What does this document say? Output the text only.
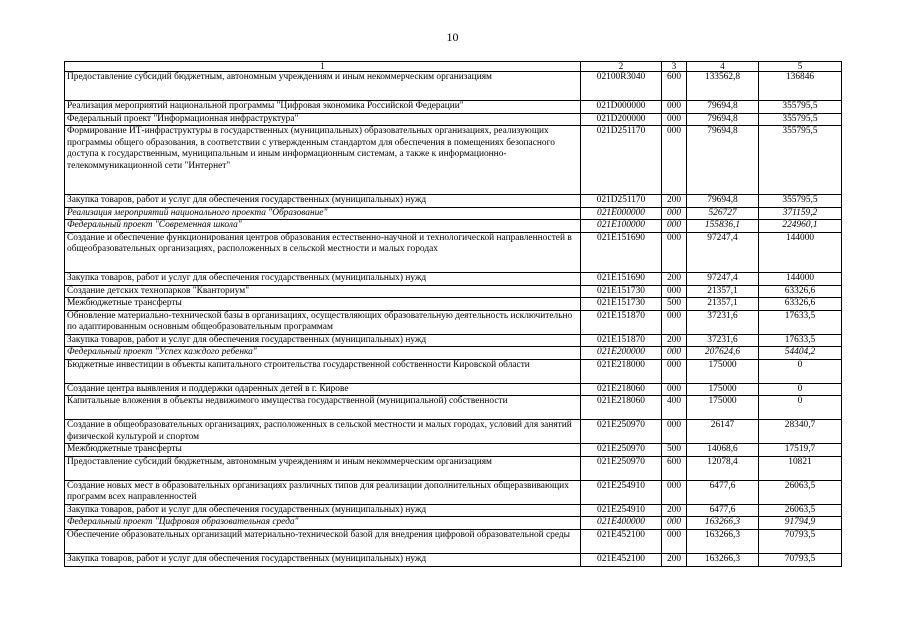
10
1	2	3	4	5
Предоставление субсидий бюджетным, автономным учреждениям и иным некоммерческим организациям	02100R3040	600	133562,8	136846
Реализация мероприятий национальной программы "Цифровая экономика Российской Федерации"	021D000000	000	79694,8	355795,5
Федеральный проект "Информационная инфраструктура"	021D200000	000	79694,8	355795,5
Формирование ИТ-инфраструктуры в государственных (муниципальных) образовательных организациях, реализующих программы общего образования, в соответствии с утвержденным стандартом для обеспечения в помещениях безопасного доступа к государственным, муниципальным и иным информационным системам, а также к информационно-телекоммуникационной сети "Интернет"	021D251170	000	79694,8	355795,5
Закупка товаров, работ и услуг для обеспечения государственных (муниципальных) нужд	021D251170	200	79694,8	355795,5
Реализация мероприятий национального проекта "Образование"	021E000000	000	526727	371159,2
Федеральный проект "Современная школа"	021E100000	000	155836,1	224960,1
Создание и обеспечение функционирования центров образования естественно-научной и технологической направленностей в общеобразовательных организациях, расположенных в сельской местности и малых городах	021E151690	000	97247,4	144000
Закупка товаров, работ и услуг для обеспечения государственных (муниципальных) нужд	021E151690	200	97247,4	144000
Создание детских технопарков "Кванториум"	021E151730	000	21357,1	63326,6
Межбюджетные трансферты	021E151730	500	21357,1	63326,6
Обновление материально-технической базы в организациях, осуществляющих образовательную деятельность исключительно по адаптированным основным общеобразовательным программам	021E151870	000	37231,6	17633,5
Закупка товаров, работ и услуг для обеспечения государственных (муниципальных) нужд	021E151870	200	37231,6	17633,5
Федеральный проект "Успех каждого ребенка"	021E200000	000	207624,6	54404,2
Бюджетные инвестиции в объекты капитального строительства государственной собственности Кировской области	021E218000	000	175000	0
Создание центра выявления и поддержки одаренных детей в г. Кирове	021E218060	000	175000	0
Капитальные вложения в объекты недвижимого имущества государственной (муниципальной) собственности	021E218060	400	175000	0
Создание в общеобразовательных организациях, расположенных в сельской местности и малых городах, условий для занятий физической культурой и спортом	021E250970	000	26147	28340,7
Межбюджетные трансферты	021E250970	500	14068,6	17519,7
Предоставление субсидий бюджетным, автономным учреждениям и иным некоммерческим организациям	021E250970	600	12078,4	10821
Создание новых мест в образовательных организациях различных типов для реализации дополнительных общеразвивающих программ всех направленностей	021E254910	000	6477,6	26063,5
Закупка товаров, работ и услуг для обеспечения государственных (муниципальных) нужд	021E254910	200	6477,6	26063,5
Федеральный проект "Цифровая образовательная среда"	021E400000	000	163266,3	91794,9
Обеспечение образовательных организаций материально-технической базой для внедрения цифровой образовательной среды	021E452100	000	163266,3	70793,5
Закупка товаров, работ и услуг для обеспечения государственных (муниципальных) нужд	021E452100	200	163266,3	70793,5
